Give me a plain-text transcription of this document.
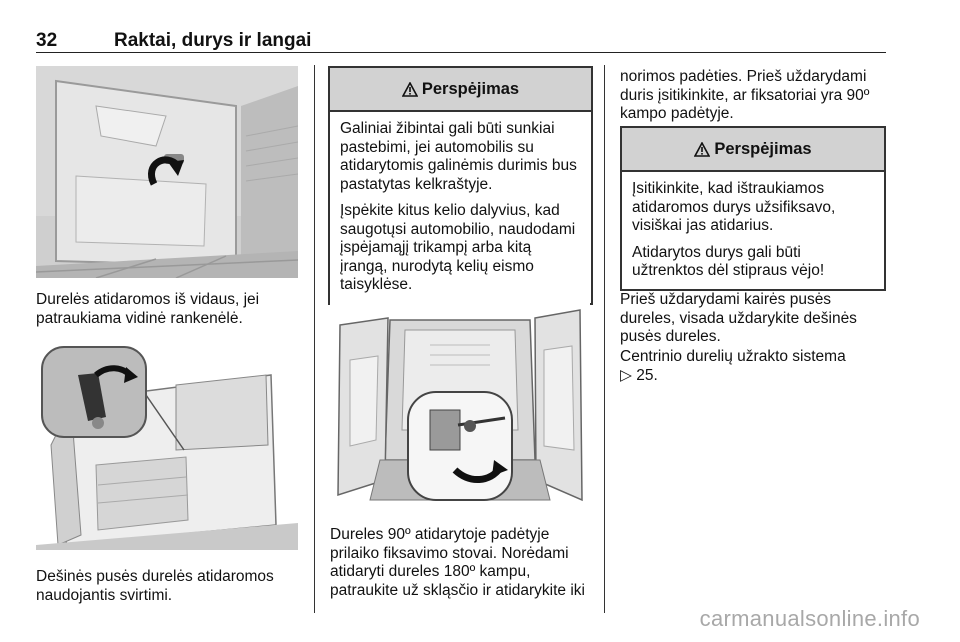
32	Raktai, durys ir langai

Durelės atidaromos iš vidaus, jei patraukiama vidinė rankenėlė.

Dešinės pusės durelės atidaromos naudojantis svirtimi.

Perspėjimas

Galiniai žibintai gali būti sunkiai pastebimi, jei automobilis su atidarytomis galinėmis durimis bus pastatytas kelkraštyje.

Įspėkite kitus kelio dalyvius, kad saugotųsi automobilio, naudodami įspėjamąjį trikampį arba kitą įrangą, nurodytą kelių eismo taisyklėse.

Dureles 90º atidarytoje padėtyje prilaiko fiksavimo stovai. Norėdami atidaryti dureles 180º kampu, patraukite už skląsčio ir atidarykite iki

norimos padėties. Prieš uždarydami duris įsitikinkite, ar fiksatoriai yra 90º kampo padėtyje.

Perspėjimas

Įsitikinkite, kad ištraukiamos atidaromos durys užsifiksavo, visiškai jas atidarius.

Atidarytos durys gali būti užtrenktos dėl stipraus vėjo!

Prieš uždarydami kairės pusės dureles, visada uždarykite dešinės pusės dureles.

Centrinio durelių užrakto sistema
▷ 25.

carmanualsonline.info
